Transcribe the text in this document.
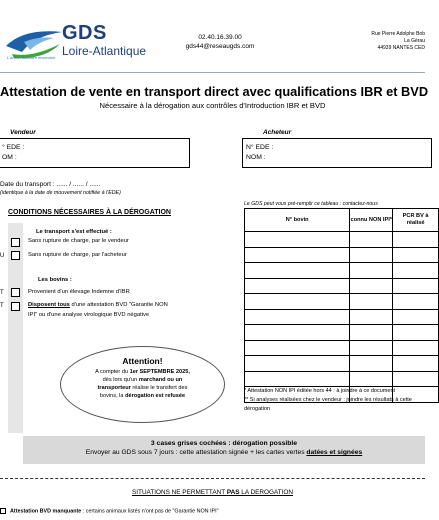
GDS
Loire-Atlantique
L'action sanitaire ensemble
02.40.16.39.00
gds44@reseaugds.com
Rue Pierre Adolphe Bob
La Gérau
44939 NANTES CED
Attestation de vente en transport direct avec qualifications IBR et BVD
Nécessaire à la dérogation aux contrôles d'Introduction IBR et BVD
Vendeur
° EDE :
OM :
Acheteur
N° EDE :
NOM :
Date du transport : ...... / ...... / ......
(identique à la date de mouvement notifiée à l'EDE)
CONDITIONS NÉCESSAIRES À LA DÉROGATION
Le transport s'est effectué :
Sans rupture de charge, par le vendeur
U	Sans rupture de charge, par l'acheteur
Les bovins :
T	Provenient d'un élevage Indemne d'IBR
T	Disposent tous d'une attestation BVD "Garantie NON
IPI" ou d'une analyse virologique BVD négative
Attention!
A compter du 1er SEPTEMBRE 2025,
dès lors qu'un marchand ou un
transporteur réalise le transfert des
bovins, la dérogation est refusée
Le GDS peut vous pré-remplir ce tableau : contactez-nous
N° bovin	connu NON IPI*	PCR BV à réalisé

* Attestation NON IPI éditée hors 44 : à joindre à ce document
** Si analyses réalisées chez le vendeur : joindre les résultats à cette dérogation
3 cases grises cochées : dérogation possible
Envoyer au GDS sous 7 jours : cette attestation signée + les cartes vertes datées et signées
SITUATIONS NE PERMETTANT PAS LA DEROGATION
Attestation BVD manquante : certains animaux listés n'ont pas de "Garantie NON IPI"
